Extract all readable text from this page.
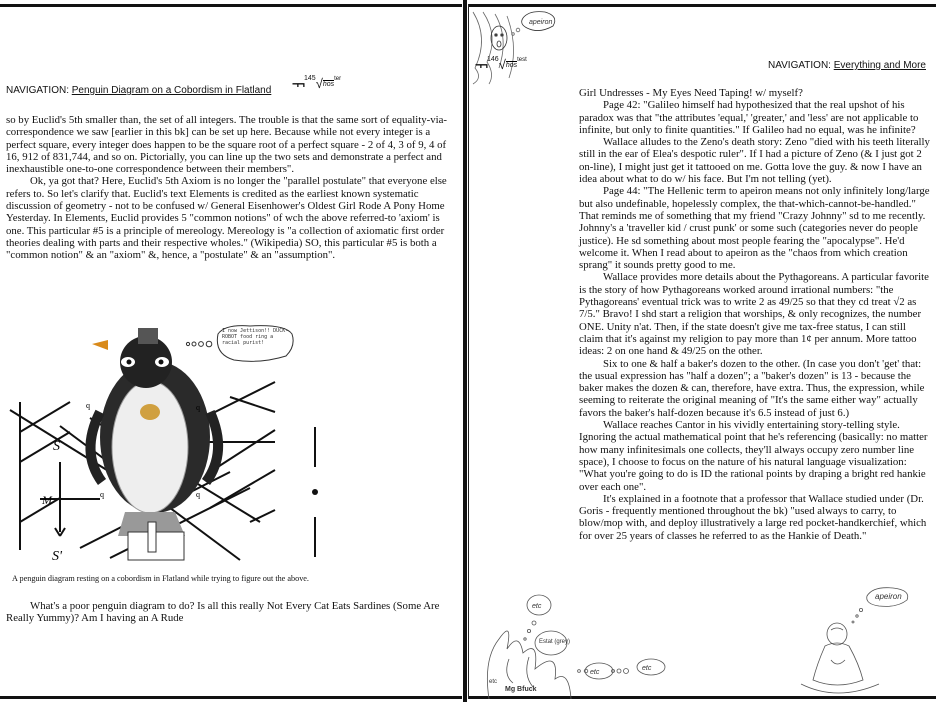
NAVIGATION: Penguin Diagram on a Cobordism in Flatland ¬¬$^{145}$√$^{hoster}$

so by Euclid's 5th smaller than, the set of all integers. The trouble is that the same sort of equality-via-correspondence we saw [earlier in this bk] can be set up here. Because while not every integer is a perfect square, every integer does happen to be the square root of a perfect square - 2 of 4, 3 of 9, 4 of 16, 912 of 831,744, and so on. Pictorially, you can line up the two sets and demonstrate a perfect and inexhaustible one-to-one correspondence between their members".

Ok, ya got that? Here, Euclid's 5th Axiom is no longer the "parallel postulate" that everyone else refers to. So let's clarify that. Euclid's text Elements is credited as the earliest known systematic discussion of geometry - not to be confused w/ General Eisenhower's Oldest Girl Rode A Pony Home Yesterday. In Elements, Euclid provides 5 "common notions" of wch the above referred-to 'axiom' is one. This particular #5 is a principle of mereology. Mereology is "a collection of axiomatic first order theories dealing with parts and their respective wholes." (Wikipedia) SO, this particular #5 is both a "common notion" & an "axiom" &, hence, a "postulate" & an "assumption".

S
M
S'
q	q
q	q
I now Jettison!! DUCK-ROBOT food ring a racial purist!
A penguin diagram resting on a cobordism in Flatland while trying to figure out the above.

What's a poor penguin diagram to do? Is all this really Not Every Cat Eats Sardines (Some Are Really Yummy)? Am I having an A Rude

apeiron
¬¬$^{146}$√$^{hostest}$	NAVIGATION: Everything and More

Girl Undresses - My Eyes Need Taping! w/ myself?

Page 42: "Galileo himself had hypothesized that the real upshot of his paradox was that "the attributes 'equal,' 'greater,' and 'less' are not applicable to infinite, but only to finite quantities." If Galileo had no equal, was he infinite?

Wallace alludes to the Zeno's death story: Zeno "died with his teeth literally still in the ear of Elea's despotic ruler". If I had a picture of Zeno (& I just got 2 on-line), I might just get it tattooed on me. Gotta love the guy. & now I have an idea about what to do w/ his face. But I'm not telling (yet).

Page 44: "The Hellenic term to apeiron means not only infinitely long/large but also undefinable, hopelessly complex, the that-which-cannot-be-handled." That reminds me of something that my friend "Crazy Johnny" sd to me recently. Johnny's a 'traveller kid / crust punk' or some such (categories never do people justice). He sd something about most people fearing the "apocalypse". He'd welcome it. When I read about to apeiron as the "chaos from which creation sprang" it sounds pretty good to me.

Wallace provides more details about the Pythagoreans. A particular favorite is the story of how Pythagoreans worked around irrational numbers: "the Pythagoreans' eventual trick was to write 2 as 49/25 so that they cd treat √2 as 7/5." Bravo! I shd start a religion that worships, & only recognizes, the number ONE. Unity n'at. Then, if the state doesn't give me tax-free status, I can still claim that it's against my religion to pay more than 1¢ per annum. More tattoo ideas: 2 on one hand & 49/25 on the other.

Six to one & half a baker's dozen to the other. (In case you don't 'get' that: the usual expression has "half a dozen"; a "baker's dozen" is 13 - because the baker makes the dozen & can, therefore, have extra. Thus, the expression, while seeming to reiterate the original meaning of "It's the same either way" actually favors the baker's half-dozen because it's 6.5 instead of just 6.)

Wallace reaches Cantor in his vividly entertaining story-telling style. Ignoring the actual mathematical point that he's referencing (basically: no matter how many infinitesimals one collects, they'll always occupy zero number line space), I choose to focus on the nature of his natural language visualization: "What you're going to do is ID the rational points by draping a bright red hankie over each one".

It's explained in a footnote that a professor that Wallace studied under (Dr. Goris - frequently mentioned throughout the bk) "used always to carry, to blow/mop with, and deploy illustratively a large red pocket-handkerchief, which for over 25 years of classes he referred to as the Hankie of Death."

etc
etc
etc
etc
Mg Bfuck
Estat (grey)
apeiron
